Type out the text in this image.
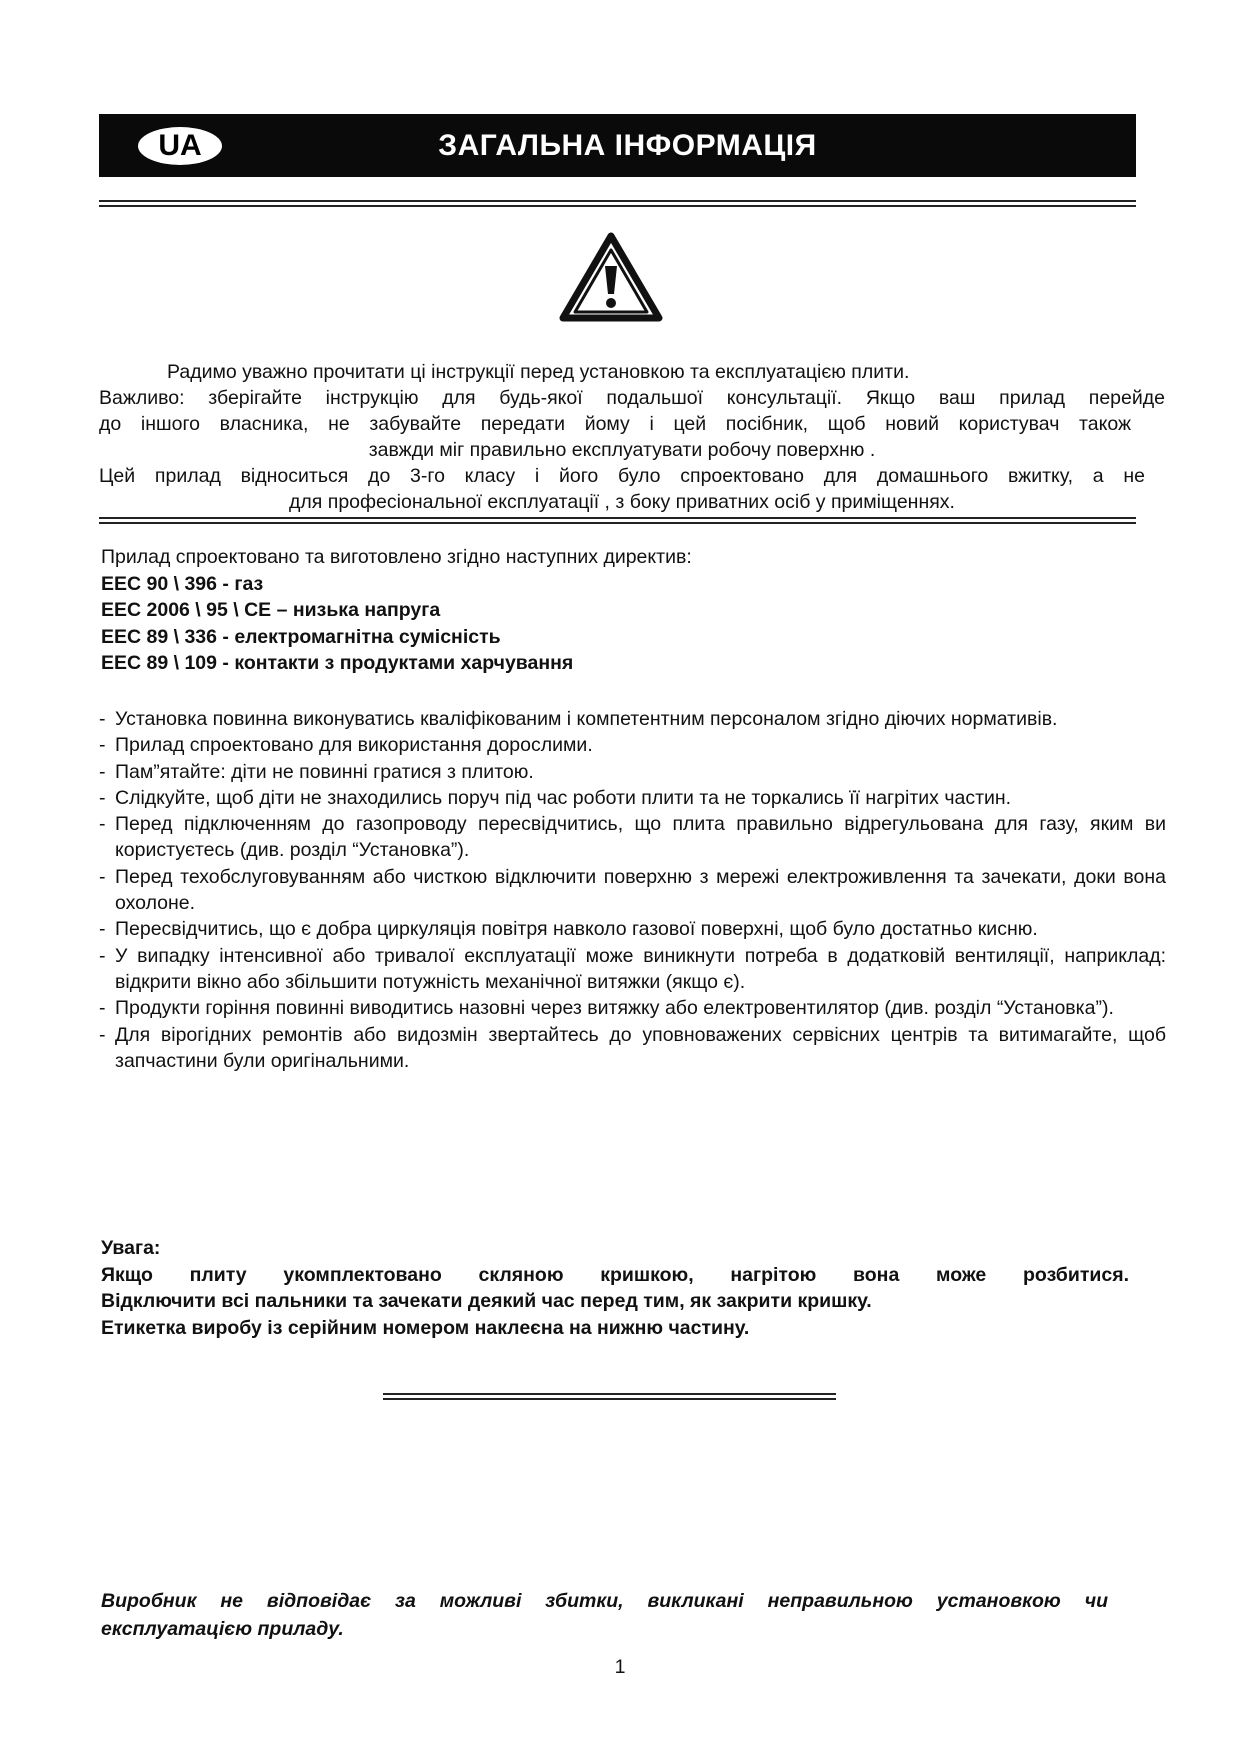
UA	ЗАГАЛЬНА ІНФОРМАЦІЯ

Радимо уважно прочитати ці інструкції перед установкою та експлуатацією плити.

Важливо: зберігайте інструкцію для будь-якої подальшої консультації. Якщо ваш прилад перейде

до іншого власника, не забувайте передати йому і цей посібник, щоб новий користувач також

завжди міг правильно експлуатувати робочу поверхню .

Цей прилад відноситься до 3-го класу і його було спроектовано для домашнього вжитку, а не

для професіональної експлуатації , з боку приватних осіб у приміщеннях.

Прилад спроектовано та виготовлено згідно наступних директив:
EEC 90 \ 396 - газ
EEC 2006 \ 95 \ CE – низька напруга
EEC 89 \ 336 - електромагнітна сумісність
EEC 89 \ 109 - контакти з продуктами харчування
- Установка повинна виконуватись кваліфікованим і компетентним персоналом згідно діючих нормативів.
- Прилад спроектовано для використання дорослими.
- Пам”ятайте: діти не повинні гратися з плитою.
- Слідкуйте, щоб діти не знаходились поруч під час роботи плити та не торкались її нагрітих частин.
- Перед підключенням до газопроводу пересвідчитись, що плита правильно відрегульована для газу, яким ви користуєтесь (див. розділ “Установка”).
- Перед техобслуговуванням або чисткою відключити поверхню з мережі електроживлення та зачекати, доки вона охолоне.
- Пересвідчитись, що є добра циркуляція повітря навколо газової поверхні, щоб було достатньо кисню.
- У випадку інтенсивної або тривалої експлуатації може виникнути потреба в додатковій вентиляції, наприклад: відкрити вікно або збільшити потужність механічної витяжки (якщо є).
- Продукти горіння повинні виводитись назовні через витяжку або електровентилятор (див. розділ “Установка”).
- Для вірогідних ремонтів або видозмін звертайтесь до уповноважених сервісних центрів та витимагайте, щоб запчастини були оригінальними.
Увага:
Якщо плиту укомплектовано скляною кришкою, нагрітою вона може розбитися.
Відключити всі пальники та зачекати деякий час перед тим, як закрити кришку.
Етикетка виробу із серійним номером наклеєна на нижню частину.
Виробник не відповідає за можливі збитки, викликані неправильною установкою чи
експлуатацією приладу.
1
